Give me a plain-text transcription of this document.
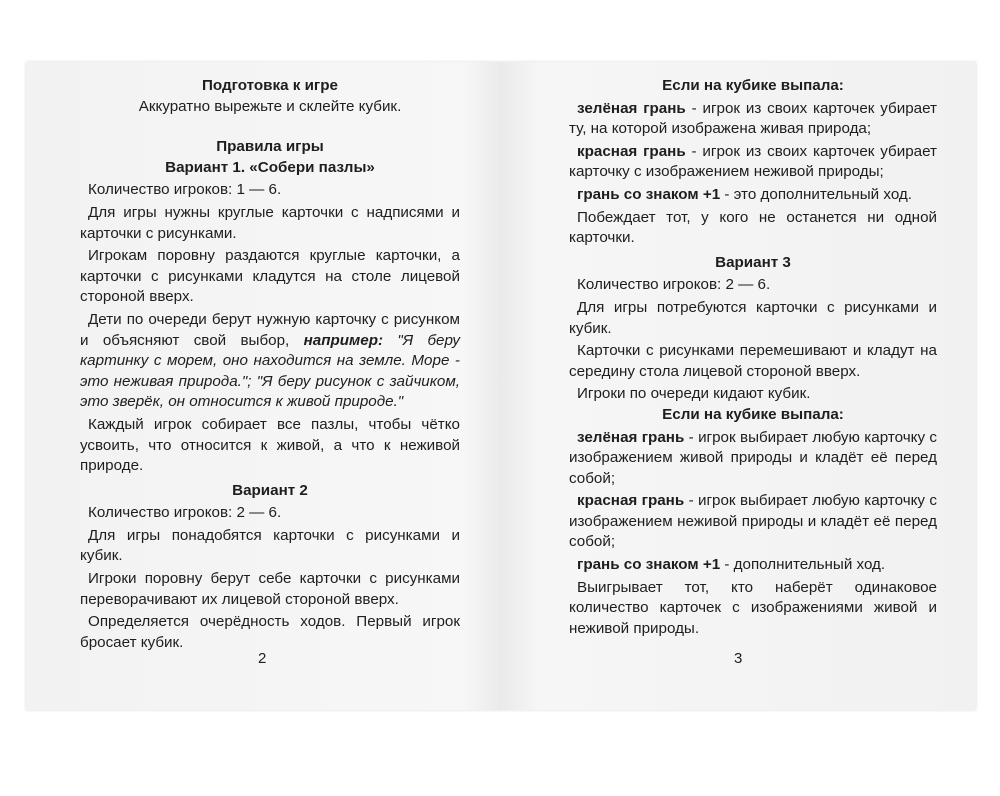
Подготовка к игре
Аккуратно вырежьте и склейте кубик.
Правила игры
Вариант 1. «Собери пазлы»
Количество игроков: 1 — 6.
Для игры нужны круглые карточки с надписями и карточки с рисунками.
Игрокам поровну раздаются круглые карточки, а карточки с рисунками кладутся на столе лицевой стороной вверх.
Дети по очереди берут нужную карточку с рисунком и объясняют свой выбор, например: "Я беру картинку с морем, оно находится на земле. Море - это неживая природа."; "Я беру рисунок с зайчиком, это зверёк, он относится к живой природе."
Каждый игрок собирает все пазлы, чтобы чётко усвоить, что относится к живой, а что к неживой природе.
Вариант 2
Количество игроков: 2 — 6.
Для игры понадобятся карточки с рисунками и кубик.
Игроки поровну берут себе карточки с рисунками переворачивают их лицевой стороной вверх.
Определяется очерёдность ходов. Первый игрок бросает кубик.
2
Если на кубике выпала:
зелёная грань - игрок из своих карточек убирает ту, на которой изображена живая природа;
красная грань - игрок из своих карточек убирает карточку с изображением неживой природы;
грань со знаком +1 - это дополнительный ход.
Побеждает тот, у кого не останется ни одной карточки.
Вариант 3
Количество игроков: 2 — 6.
Для игры потребуются карточки с рисунками и кубик.
Карточки с рисунками перемешивают и кладут на середину стола лицевой стороной вверх.
Игроки по очереди кидают кубик.
Если на кубике выпала:
зелёная грань - игрок выбирает любую карточку с изображением живой природы и кладёт её перед собой;
красная грань - игрок выбирает любую карточку с изображением неживой природы и кладёт её перед собой;
грань со знаком +1 - дополнительный ход.
Выигрывает тот, кто наберёт одинаковое количество карточек с изображениями живой и неживой природы.
3
